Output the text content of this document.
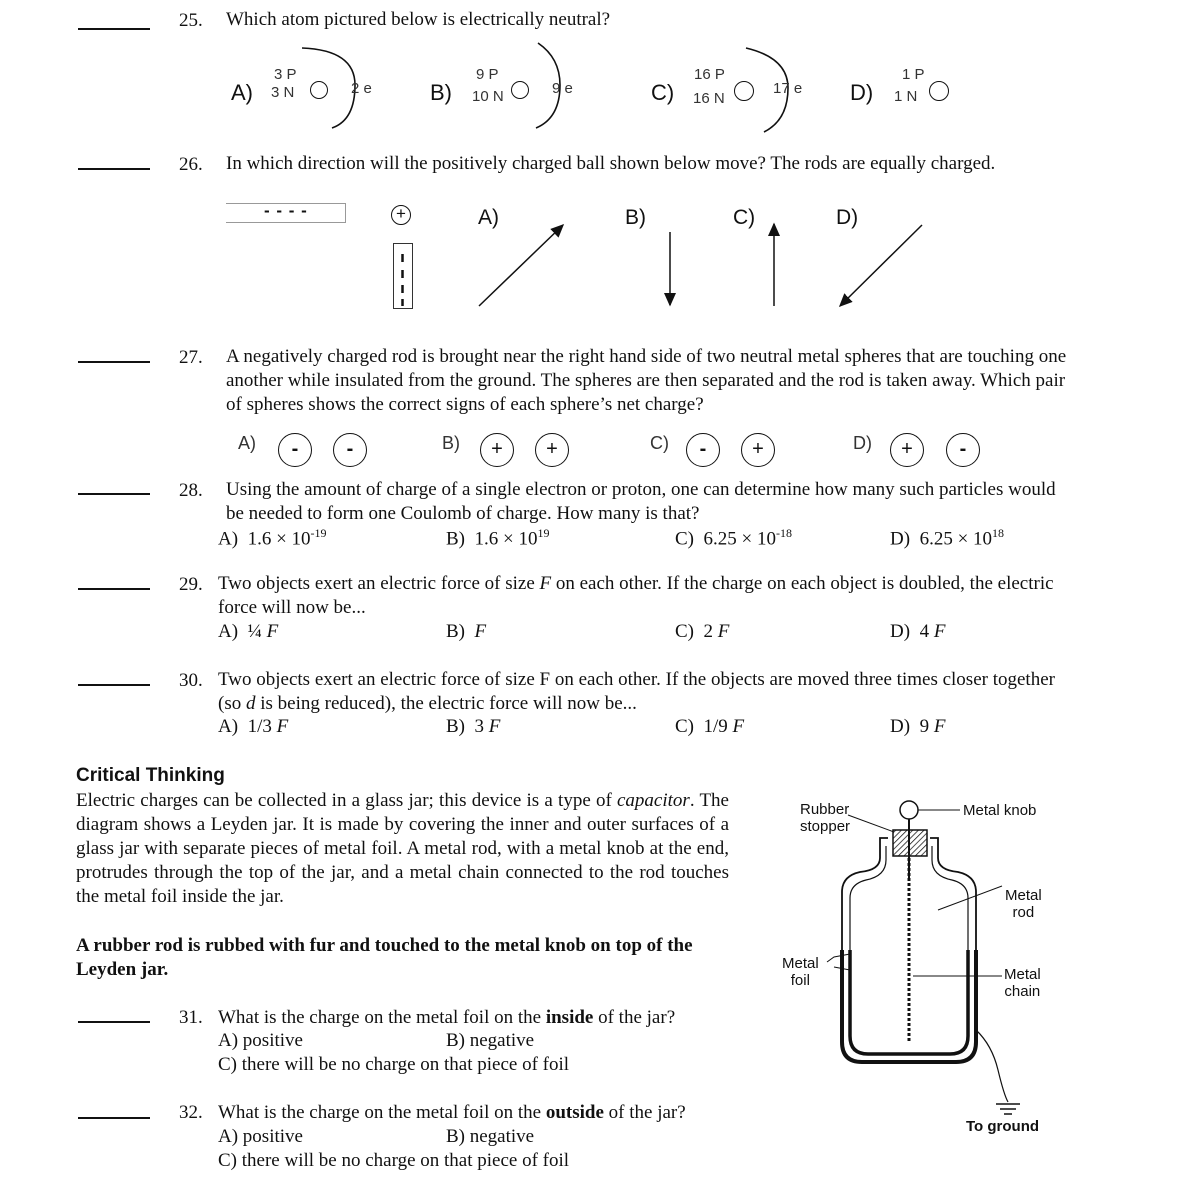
25. Which atom pictured below is electrically neutral?
A)
3 P
3 N	2 e	B)
9 P
10 N	9 e	C)
16 P
16 N
17 e D)
1 P
1 N
26. In which direction will the positively charged ball shown below move? The rods are equally charged.
- - - -	+	A)	B)	C)	D)
27. A negatively charged rod is brought near the right hand side of two neutral metal spheres that are touching one
another while insulated from the ground. The spheres are then separated and the rod is taken away. Which pair
of spheres shows the correct signs of each sphere’s net charge?
A)	-	-	B)	+	+	C)	-	+	D)	+	-
28. Using the amount of charge of a single electron or proton, one can determine how many such particles would
be needed to form one Coulomb of charge. How many is that?
A) $1.6 \times 10^{-19}$	B) $1.6 \times 10^{19}$	C) $6.25 \times 10^{-18}$	D) $6.25 \times 10^{18}$
29. Two objects exert an electric force of size F on each other. If the charge on each object is doubled, the electric
force will now be...
A) ¼ F	B) F	C) 2 F	D) 4 F
30. Two objects exert an electric force of size F on each other. If the objects are moved three times closer together
(so d is being reduced), the electric force will now be...
A) 1/3 F	B) 3 F	C) 1/9 F	D) 9 F
Critical Thinking
Electric charges can be collected in a glass jar; this device is a type of capacitor. The diagram shows a Leyden jar. It is made by covering the inner and outer surfaces of a glass jar with separate pieces of metal foil. A metal rod, with a metal knob at the end, protrudes through the top of the jar, and a metal chain connected to the rod touches the metal foil inside the jar.
A rubber rod is rubbed with fur and touched to the metal knob on top of the Leyden jar.
31. What is the charge on the metal foil on the inside of the jar?
A) positive	B) negative
C) there will be no charge on that piece of foil
32. What is the charge on the metal foil on the outside of the jar?
A) positive	B) negative
C) there will be no charge on that piece of foil
Rubber
stopper
Metal knob
Metal
rod
Metal
foil	Metal
chain
To ground
